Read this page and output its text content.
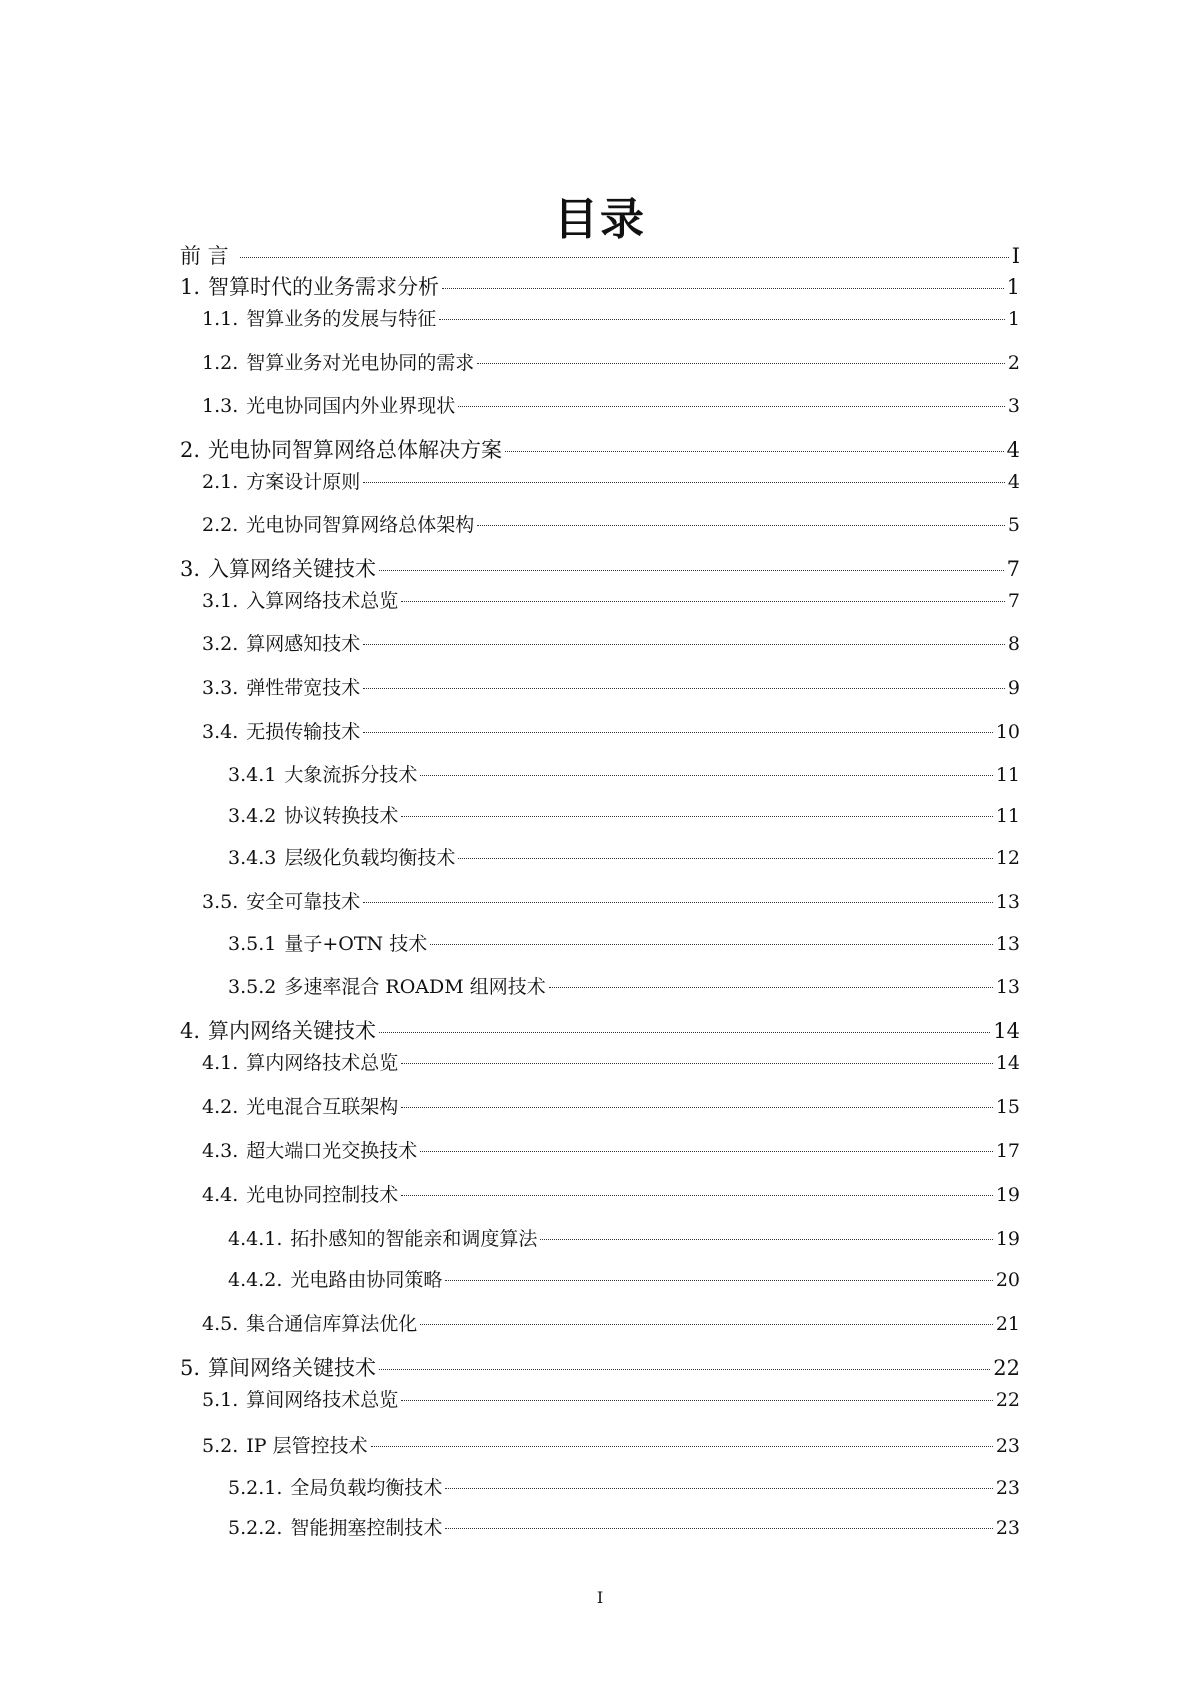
目录
前 言	I
1. 智算时代的业务需求分析	1
1.1. 智算业务的发展与特征	1
1.2. 智算业务对光电协同的需求	2
1.3. 光电协同国内外业界现状	3
2. 光电协同智算网络总体解决方案	4
2.1. 方案设计原则	4
2.2. 光电协同智算网络总体架构	5
3. 入算网络关键技术	7
3.1. 入算网络技术总览	7
3.2. 算网感知技术	8
3.3. 弹性带宽技术	9
3.4. 无损传输技术	10
3.4.1 大象流拆分技术	11
3.4.2 协议转换技术	11
3.4.3 层级化负载均衡技术	12
3.5. 安全可靠技术	13
3.5.1 量子+OTN 技术	13
3.5.2 多速率混合 ROADM 组网技术	13
4. 算内网络关键技术	14
4.1. 算内网络技术总览	14
4.2. 光电混合互联架构	15
4.3. 超大端口光交换技术	17
4.4. 光电协同控制技术	19
4.4.1. 拓扑感知的智能亲和调度算法	19
4.4.2. 光电路由协同策略	20
4.5. 集合通信库算法优化	21
5. 算间网络关键技术	22
5.1. 算间网络技术总览	22
5.2. IP 层管控技术	23
5.2.1. 全局负载均衡技术	23
5.2.2. 智能拥塞控制技术	23
I
